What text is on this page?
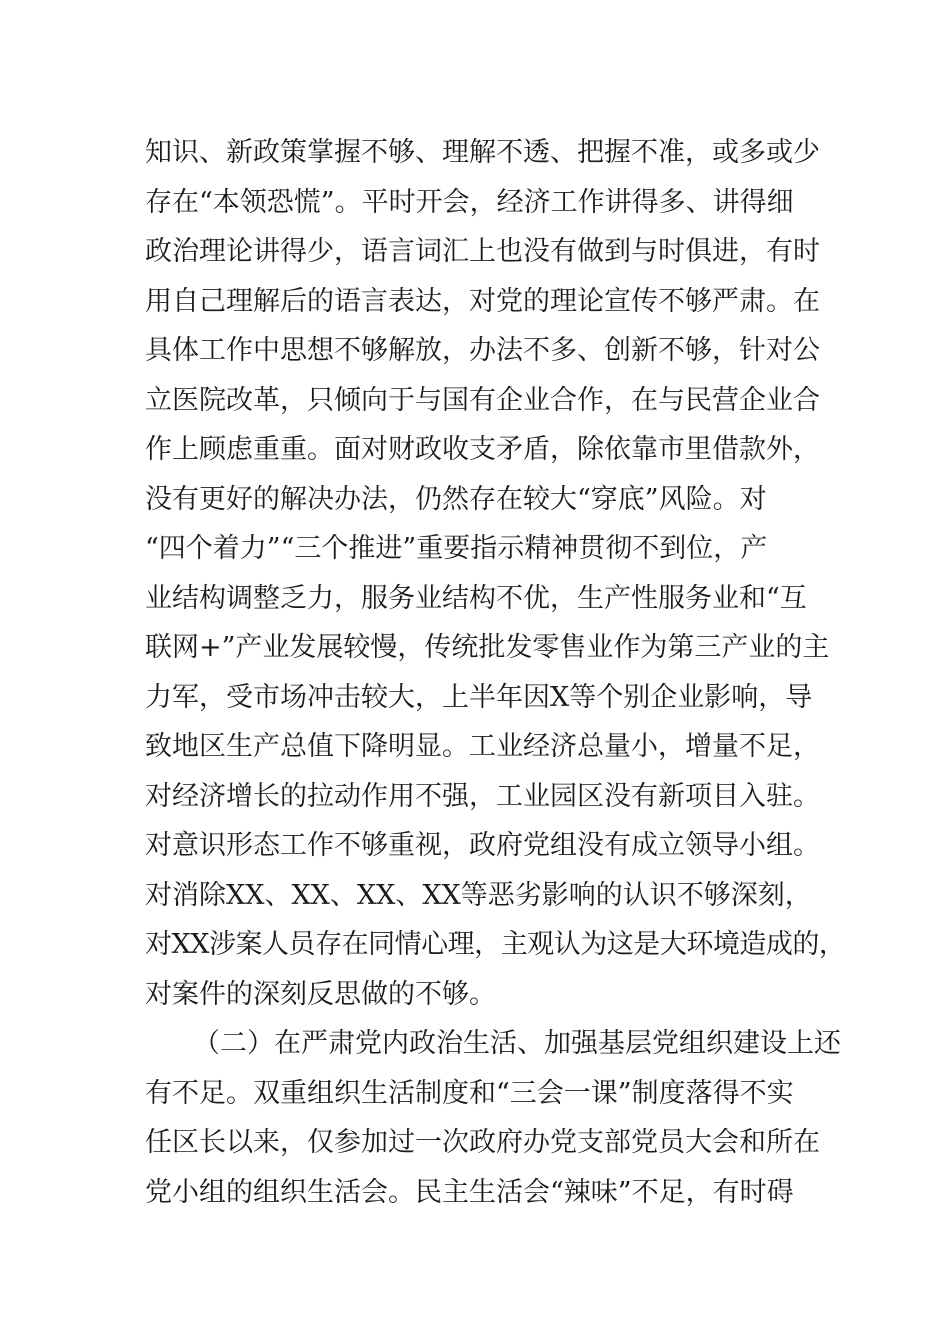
知识、新政策掌握不够、理解不透、把握不准，或多或少
存在“本领恐慌”。平时开会，经济工作讲得多、讲得细
政治理论讲得少，语言词汇上也没有做到与时俱进，有时
用自己理解后的语言表达，对党的理论宣传不够严肃。在
具体工作中思想不够解放，办法不多、创新不够，针对公
立医院改革，只倾向于与国有企业合作，在与民营企业合
作上顾虑重重。面对财政收支矛盾，除依靠市里借款外，
没有更好的解决办法，仍然存在较大“穿底”风险。对
“四个着力”“三个推进”重要指示精神贯彻不到位，产
业结构调整乏力，服务业结构不优，生产性服务业和“互
联网+”产业发展较慢，传统批发零售业作为第三产业的主
力军，受市场冲击较大，上半年因X等个别企业影响，导
致地区生产总值下降明显。工业经济总量小，增量不足，
对经济增长的拉动作用不强，工业园区没有新项目入驻。
对意识形态工作不够重视，政府党组没有成立领导小组。
对消除XX、XX、XX、XX等恶劣影响的认识不够深刻，
对XX涉案人员存在同情心理，主观认为这是大环境造成的，
对案件的深刻反思做的不够。
（二）在严肃党内政治生活、加强基层党组织建设上还
有不足。双重组织生活制度和“三会一课”制度落得不实
任区长以来，仅参加过一次政府办党支部党员大会和所在
党小组的组织生活会。民主生活会“辣味”不足，有时碍
